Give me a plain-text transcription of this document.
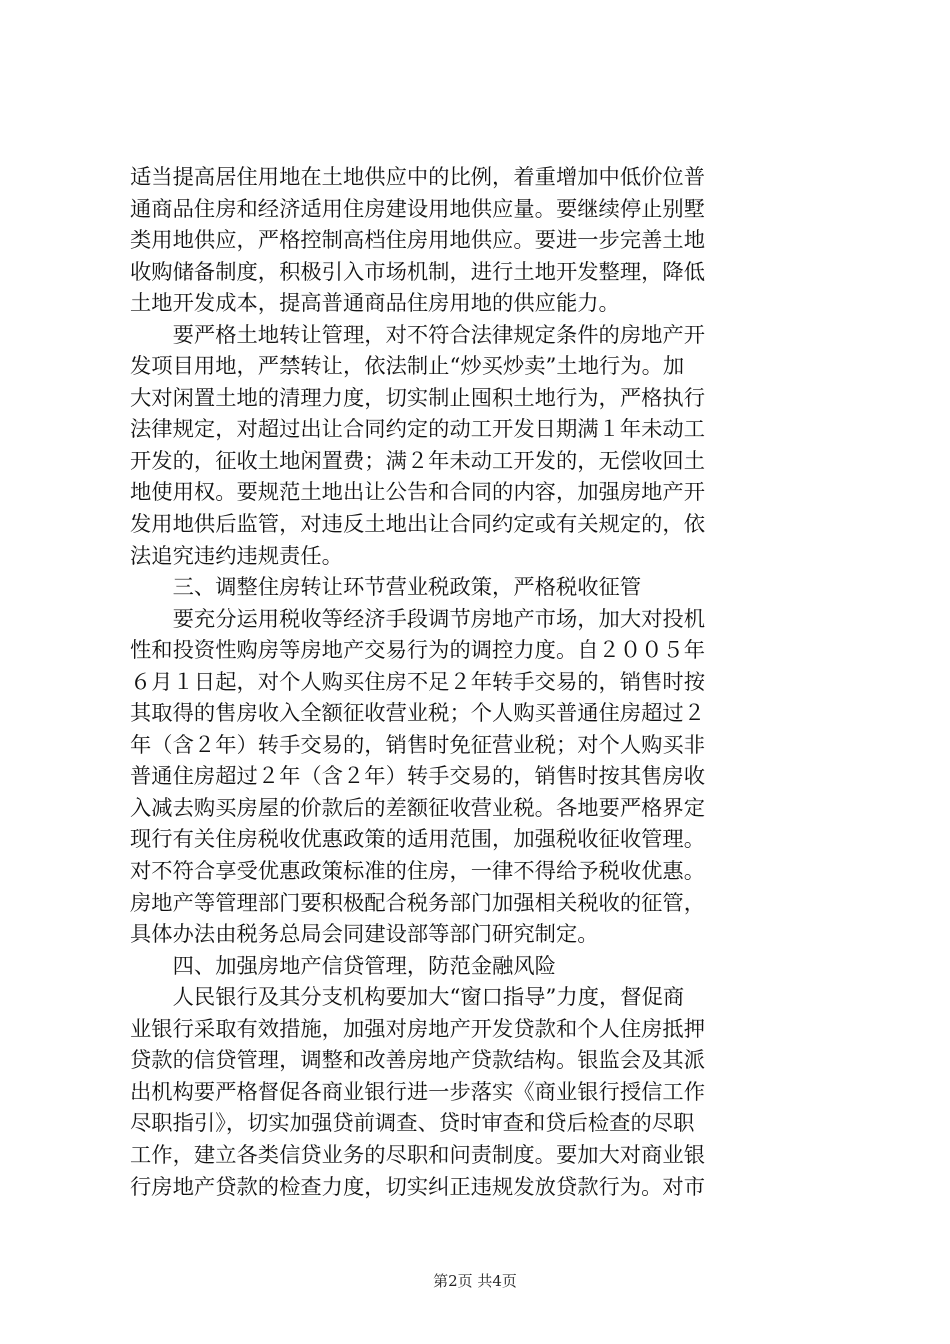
适当提高居住用地在土地供应中的比例，着重增加中低价位普
通商品住房和经济适用住房建设用地供应量。要继续停止别墅
类用地供应，严格控制高档住房用地供应。要进一步完善土地
收购储备制度，积极引入市场机制，进行土地开发整理，降低
土地开发成本，提高普通商品住房用地的供应能力。
　　要严格土地转让管理，对不符合法律规定条件的房地产开
发项目用地，严禁转让，依法制止“炒买炒卖”土地行为。加
大对闲置土地的清理力度，切实制止囤积土地行为，严格执行
法律规定，对超过出让合同约定的动工开发日期满１年未动工
开发的，征收土地闲置费；满２年未动工开发的，无偿收回土
地使用权。要规范土地出让公告和合同的内容，加强房地产开
发用地供后监管，对违反土地出让合同约定或有关规定的，依
法追究违约违规责任。
　　三、调整住房转让环节营业税政策，严格税收征管
　　要充分运用税收等经济手段调节房地产市场，加大对投机
性和投资性购房等房地产交易行为的调控力度。自２００５年
６月１日起，对个人购买住房不足２年转手交易的，销售时按
其取得的售房收入全额征收营业税；个人购买普通住房超过２
年（含２年）转手交易的，销售时免征营业税；对个人购买非
普通住房超过２年（含２年）转手交易的，销售时按其售房收
入减去购买房屋的价款后的差额征收营业税。各地要严格界定
现行有关住房税收优惠政策的适用范围，加强税收征收管理。
对不符合享受优惠政策标准的住房，一律不得给予税收优惠。
房地产等管理部门要积极配合税务部门加强相关税收的征管，
具体办法由税务总局会同建设部等部门研究制定。
　　四、加强房地产信贷管理，防范金融风险
　　人民银行及其分支机构要加大“窗口指导”力度，督促商
业银行采取有效措施，加强对房地产开发贷款和个人住房抵押
贷款的信贷管理，调整和改善房地产贷款结构。银监会及其派
出机构要严格督促各商业银行进一步落实《商业银行授信工作
尽职指引》，切实加强贷前调查、贷时审查和贷后检查的尽职
工作，建立各类信贷业务的尽职和问责制度。要加大对商业银
行房地产贷款的检查力度，切实纠正违规发放贷款行为。对市
第2页 共4页
